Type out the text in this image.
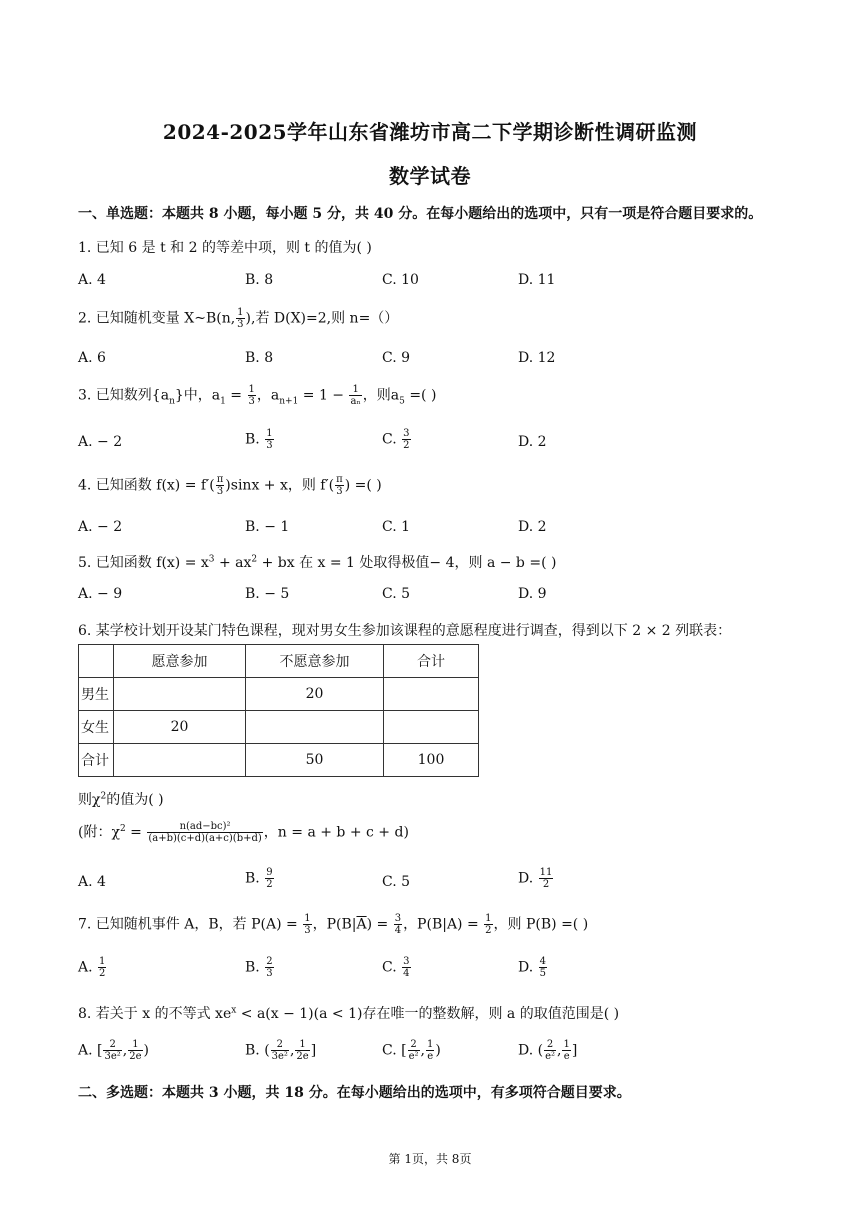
2024-2025学年山东省潍坊市高二下学期诊断性调研监测
数学试卷
一、单选题：本题共 8 小题，每小题 5 分，共 40 分。在每小题给出的选项中，只有一项是符合题目要求的。
1. 已知 6 是 t 和 2 的等差中项，则 t 的值为( )
A. 4	B. 8	C. 10	D. 11
2. 已知随机变量 X~B(n, $\frac{1}{3}$ ),若 D(X)=2,则 n=（）
A. 6	B. 8	C. 9	D. 12
3. 已知数列$\{a_n\}$中，$a_1 = \frac{1}{3}$ ，$a_{n+1} = 1 - \frac{1}{\text{aₙ}}$ ，则$a_5$ =( )
A. − 2	B. $\frac{1}{3}$	C. $\frac{3}{2}$	D. 2
4. 已知函数 $f(x) = f'( \frac{\pi}{3} )\sin x + x$，则 $f'( \frac{\pi}{3}$ ) =( )
A. − 2	B. − 1	C. 1	D. 2
5. 已知函数 $f(x) = x^3 + ax^2$ + bx 在 x = 1 处取得极值− 4，则 a − b =( )
A. − 9	B. − 5	C. 5	D. 9
6. 某学校计划开设某门特色课程，现对男女生参加该课程的意愿程度进行调查，得到以下 2 × 2 列联表：
	愿意参加	不愿意参加	合计
男生		20	
女生	20		
合计		50	100
则$\chi^2$的值为( )
(附：$\chi^2 = \frac{\text{n(ad−bc)²}}{(a+b)(c+d)(a+c)(b+d)}$ ，n = a + b + c + d)
A. 4	B. $\frac{9}{2}$	C. 5	D. $\frac{11}{2}$
7. 已知随机事件 A，B，若 $P(A) = \frac{1}{3}$ ，$P(B|\overline{A}) = \frac{3}{4}$ ，$P(B|A) = \frac{1}{2}$ ，则 P(B) =( )
A. $\frac{1}{2}$	B. $\frac{2}{3}$	C. $\frac{3}{4}$	D. $\frac{4}{5}$
8. 若关于 x 的不等式 $xe^x < a(x - 1)(a < 1)$存在唯一的整数解，则 a 的取值范围是( )
A. [ $\frac{2}{\text{3e²}}$ , $\frac{1}{2e}$ )	B. ( $\frac{2}{\text{3e²}}$ , $\frac{1}{2e}$ ]	C. [ $\frac{2}{\text{e²}}$ , $\frac{1}{e}$ )	D. ( $\frac{2}{\text{e²}}$ , $\frac{1}{e}$ ]
二、多选题：本题共 3 小题，共 18 分。在每小题给出的选项中，有多项符合题目要求。
第 1页，共 8页
